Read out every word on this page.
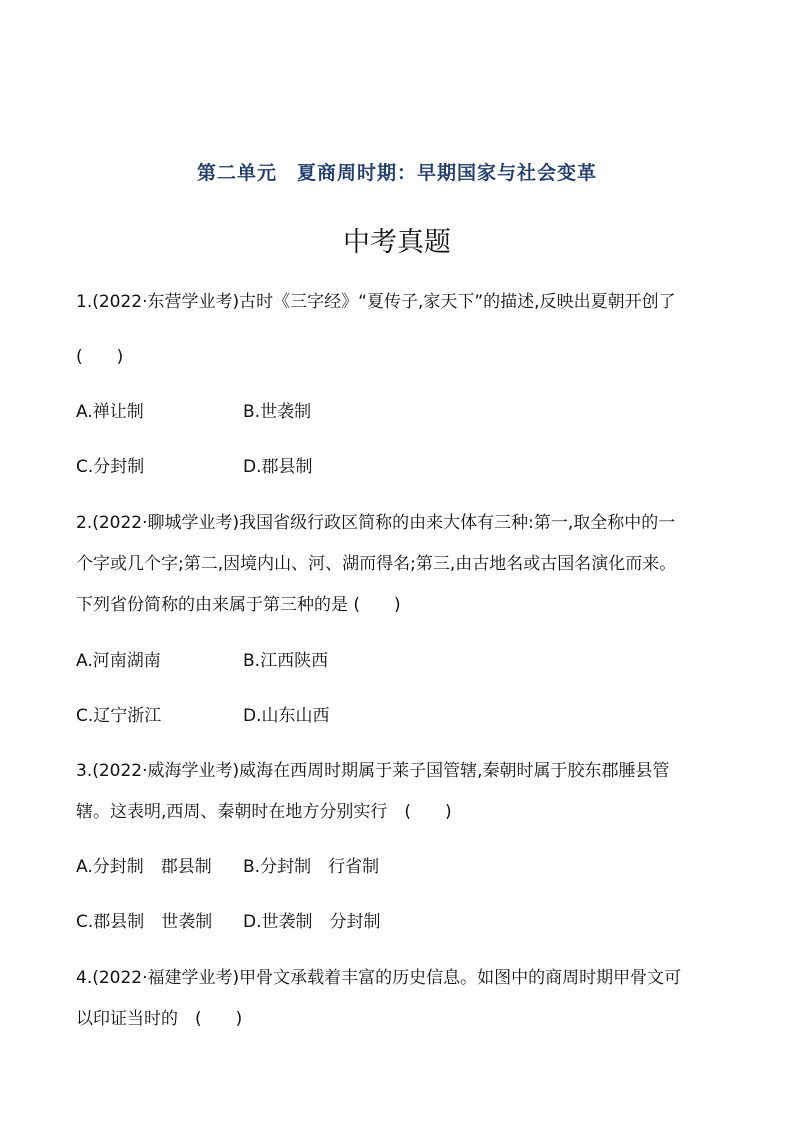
第二单元　夏商周时期：早期国家与社会变革
中考真题
1.(2022·东营学业考)古时《三字经》“夏传子,家天下”的描述,反映出夏朝开创了
(　　)
A.禅让制	B.世袭制
C.分封制	D.郡县制
2.(2022·聊城学业考)我国省级行政区简称的由来大体有三种:第一,取全称中的一
个字或几个字;第二,因境内山、河、湖而得名;第三,由古地名或古国名演化而来。
下列省份简称的由来属于第三种的是 (　　)
A.河南湖南	B.江西陕西
C.辽宁浙江	D.山东山西
3.(2022·威海学业考)威海在西周时期属于莱子国管辖,秦朝时属于胶东郡腄县管
辖。这表明,西周、秦朝时在地方分别实行　(　　)
A.分封制　郡县制 B.分封制　行省制
C.郡县制　世袭制 D.世袭制　分封制
4.(2022·福建学业考)甲骨文承载着丰富的历史信息。如图中的商周时期甲骨文可
以印证当时的　(　　)
